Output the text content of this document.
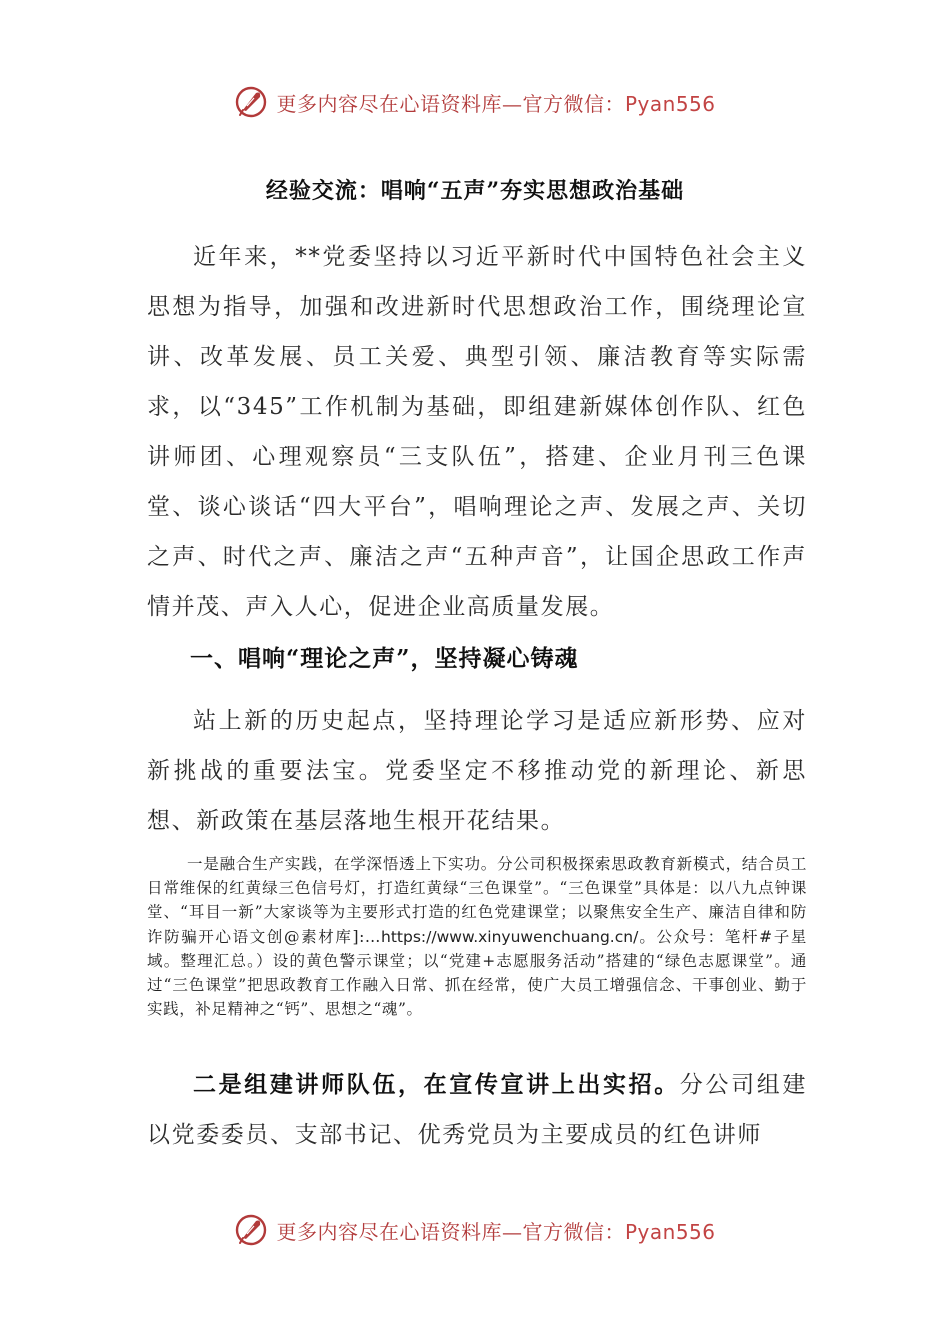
更多内容尽在心语资料库—官方微信：Pyan556
经验交流：唱响“五声”夯实思想政治基础
近年来，**党委坚持以习近平新时代中国特色社会主义思想为指导，加强和改进新时代思想政治工作，围绕理论宣讲、改革发展、员工关爱、典型引领、廉洁教育等实际需求，以“345”工作机制为基础，即组建新媒体创作队、红色讲师团、心理观察员“三支队伍”，搭建、企业月刊三色课堂、谈心谈话“四大平台”，唱响理论之声、发展之声、关切之声、时代之声、廉洁之声“五种声音”，让国企思政工作声情并茂、声入人心，促进企业高质量发展。
一、唱响“理论之声”，坚持凝心铸魂
站上新的历史起点，坚持理论学习是适应新形势、应对新挑战的重要法宝。党委坚定不移推动党的新理论、新思想、新政策在基层落地生根开花结果。
一是融合生产实践，在学深悟透上下实功。分公司积极探索思政教育新模式，结合员工日常维保的红黄绿三色信号灯，打造红黄绿“三色课堂”。“三色课堂”具体是：以八九点钟课堂、“耳目一新”大家谈等为主要形式打造的红色党建课堂；以聚焦安全生产、廉洁自律和防诈防骗开心语文创@素材库]:…https://www.xinyuwenchuang.cn/。公众号：笔杆#子星域。整理汇总。）设的黄色警示课堂；以“党建+志愿服务活动”搭建的“绿色志愿课堂”。通过“三色课堂”把思政教育工作融入日常、抓在经常，使广大员工增强信念、干事创业、勤于实践，补足精神之“钙”、思想之“魂”。
二是组建讲师队伍，在宣传宣讲上出实招。分公司组建以党委委员、支部书记、优秀党员为主要成员的红色讲师
更多内容尽在心语资料库—官方微信：Pyan556
